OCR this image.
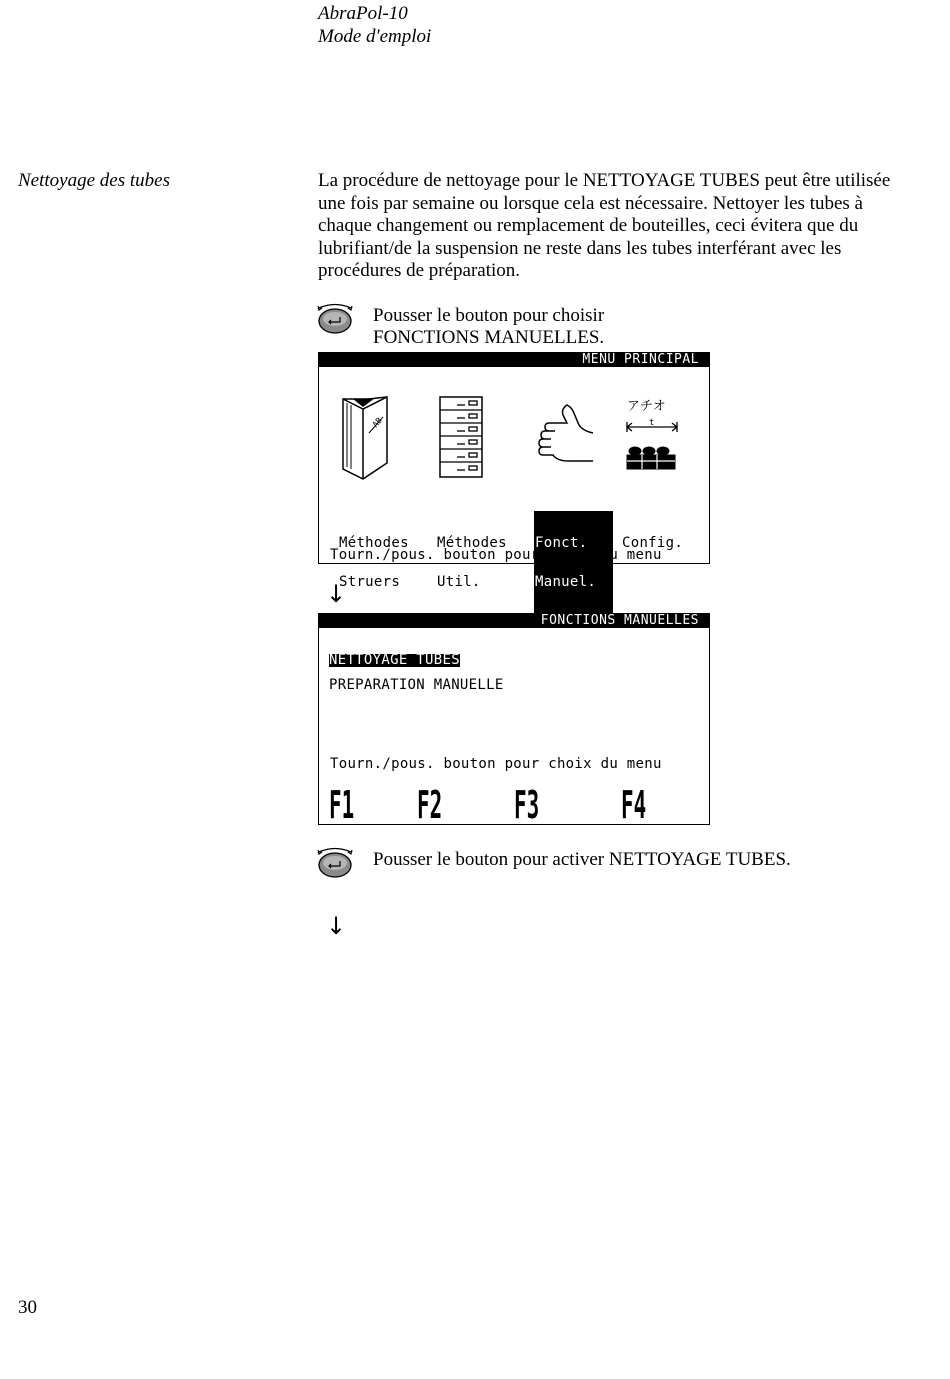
AbraPol-10
Mode d'emploi
Nettoyage des tubes	La procédure de nettoyage pour le NETTOYAGE TUBES peut être utilisée une fois par semaine ou lorsque cela est nécessaire. Nettoyer les tubes à chaque changement ou remplacement de bouteilles, ceci évitera que du lubrifiant/de la suspension ne reste dans les tubes interférant avec les procédures de préparation.
Pousser le bouton pour choisir
FONCTIONS MANUELLES.
MENU PRINCIPAL
AB
アチオ
t

Méthodes

Struers

Méthodes

Util.

Fonct.

Manuel.

Config.

Tourn./pous. bouton pour choix du menu
↓
FONCTIONS MANUELLES
NETTOYAGE TUBES
PREPARATION MANUELLE
Tourn./pous. bouton pour choix du menu
F1 F2 F3 F4
Pousser le bouton pour activer NETTOYAGE TUBES.
↓
30
